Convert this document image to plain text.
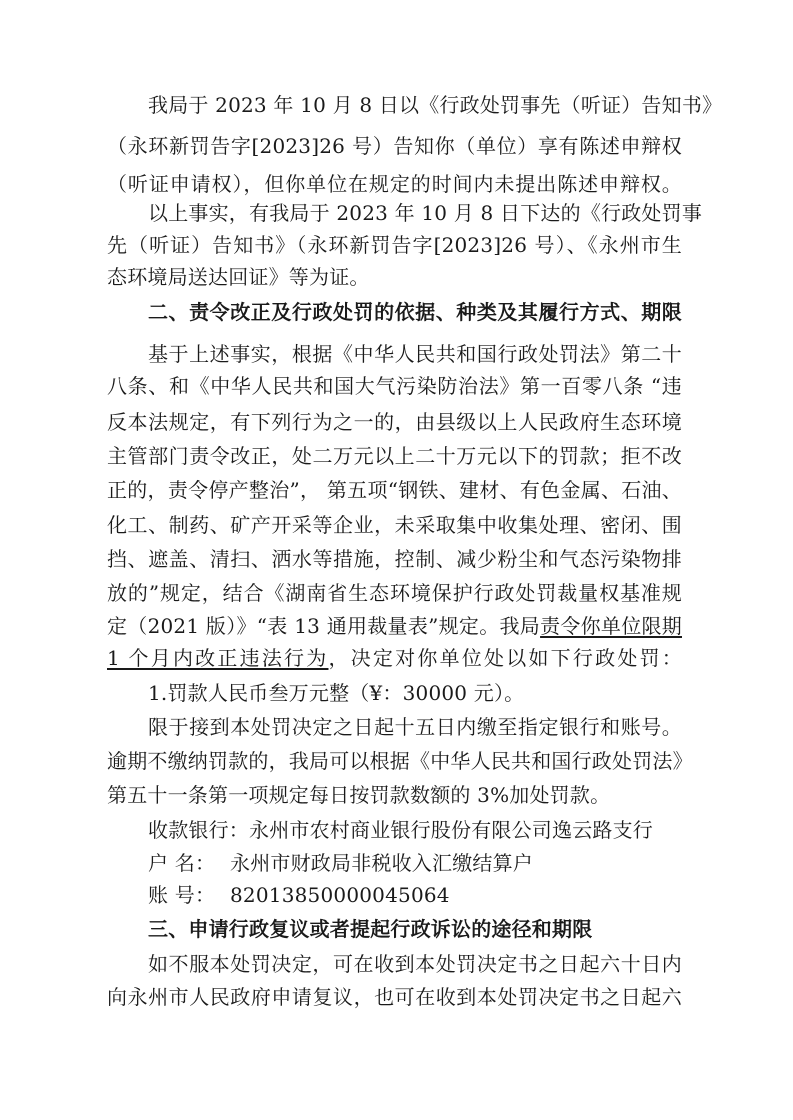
我局于 2023 年 10 月 8 日以《行政处罚事先（听证）告知书》
（永环新罚告字[2023]26 号）告知你（单位）享有陈述申辩权
（听证申请权），但你单位在规定的时间内未提出陈述申辩权。
以上事实，有我局于 2023 年 10 月 8 日下达的《行政处罚事
先（听证）告知书》（永环新罚告字[2023]26 号）、《永州市生
态环境局送达回证》等为证。
二、责令改正及行政处罚的依据、种类及其履行方式、期限
基于上述事实，根据《中华人民共和国行政处罚法》第二十
八条、和《中华人民共和国大气污染防治法》第一百零八条 “违
反本法规定，有下列行为之一的，由县级以上人民政府生态环境
主管部门责令改正，处二万元以上二十万元以下的罚款；拒不改
正的，责令停产整治”， 第五项“钢铁、建材、有色金属、石油、
化工、制药、矿产开采等企业，未采取集中收集处理、密闭、围
挡、遮盖、清扫、洒水等措施，控制、减少粉尘和气态污染物排
放的”规定，结合《湖南省生态环境保护行政处罚裁量权基准规
定（2021 版）》“表 13 通用裁量表”规定。我局责令你单位限期
1 个月内改正违法行为，决定对你单位处以如下行政处罚：
1.罚款人民币叁万元整（¥：30000 元）。
限于接到本处罚决定之日起十五日内缴至指定银行和账号。
逾期不缴纳罚款的，我局可以根据《中华人民共和国行政处罚法》
第五十一条第一项规定每日按罚款数额的 3%加处罚款。
收款银行：永州市农村商业银行股份有限公司逸云路支行
户 名： 永州市财政局非税收入汇缴结算户
账 号： 82013850000045064
三、申请行政复议或者提起行政诉讼的途径和期限
如不服本处罚决定，可在收到本处罚决定书之日起六十日内
向永州市人民政府申请复议，也可在收到本处罚决定书之日起六
